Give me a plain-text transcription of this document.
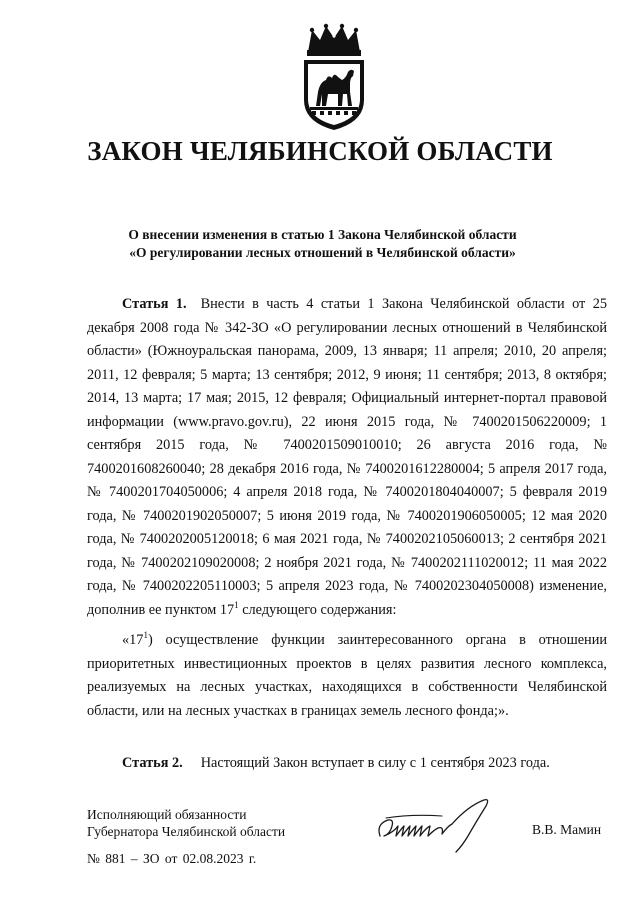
ЗАКОН ЧЕЛЯБИНСКОЙ ОБЛАСТИ
О внесении изменения в статью 1 Закона Челябинской области
«О регулировании лесных отношений в Челябинской области»
Статья 1. Внести в часть 4 статьи 1 Закона Челябинской области от 25 декабря 2008 года № 342-ЗО «О регулировании лесных отношений в Челябинской области» (Южноуральская панорама, 2009, 13 января; 11 апреля; 2010, 20 апреля; 2011, 12 февраля; 5 марта; 13 сентября; 2012, 9 июня; 11 сентября; 2013, 8 октября; 2014, 13 марта; 17 мая; 2015, 12 февраля; Официальный интернет-портал правовой информации (www.pravo.gov.ru), 22 июня 2015 года, № 7400201506220009; 1 сентября 2015 года, № 7400201509010010; 26 августа 2016 года, № 7400201608260040; 28 декабря 2016 года, № 7400201612280004; 5 апреля 2017 года, № 7400201704050006; 4 апреля 2018 года, № 7400201804040007; 5 февраля 2019 года, № 7400201902050007; 5 июня 2019 года, № 7400201906050005; 12 мая 2020 года, № 7400202005120018; 6 мая 2021 года, № 7400202105060013; 2 сентября 2021 года, № 7400202109020008; 2 ноября 2021 года, № 7400202111020012; 11 мая 2022 года, № 7400202205110003; 5 апреля 2023 года, № 7400202304050008) изменение, дополнив ее пунктом $17^1$ следующего содержания:
«$17^1$) осуществление функции заинтересованного органа в отношении приоритетных инвестиционных проектов в целях развития лесного комплекса, реализуемых на лесных участках, находящихся в собственности Челябинской области, или на лесных участках в границах земель лесного фонда;».
Статья 2. Настоящий Закон вступает в силу с 1 сентября 2023 года.
Исполняющий обязанности
Губернатора Челябинской области	В.В. Мамин
№ 881 – ЗО от 02.08.2023 г.
